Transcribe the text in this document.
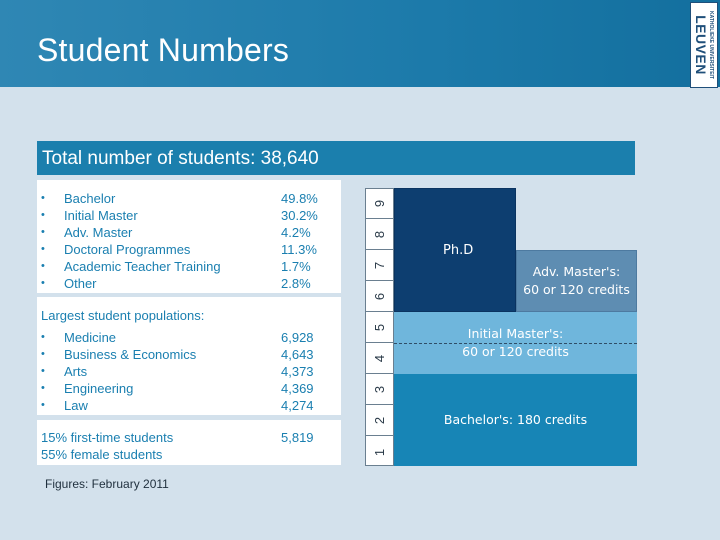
Student Numbers	KATHOLIEKE UNIVERSITEIT
LEUVEN
Total number of students: 38,640
•	Bachelor	49.8%
•	Initial Master	30.2%
•	Adv. Master	4.2%
•	Doctoral Programmes	11.3%
•	Academic Teacher Training	1.7%
•	Other	2.8%
Largest student populations:
•	Medicine	6,928
•	Business & Economics	4,643
•	Arts	4,373
•	Engineering	4,369
•	Law	4,274
15% first-time students	5,819
55% female students
Figures: February 2011
9
8
7
6
5
4
3
2
1
Ph.D
Adv. Master's:
60 or 120 credits
Initial Master's:
60 or 120 credits
Bachelor's: 180 credits
